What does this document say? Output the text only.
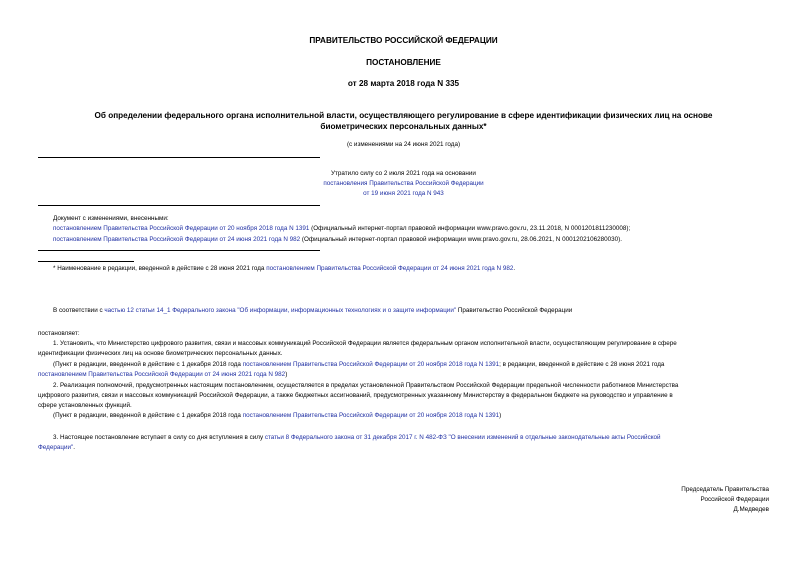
ПРАВИТЕЛЬСТВО РОССИЙСКОЙ ФЕДЕРАЦИИ
ПОСТАНОВЛЕНИЕ
от 28 марта 2018 года N 335
Об определении федерального органа исполнительной власти, осуществляющего регулирование в сфере идентификации физических лиц на основе
биометрических персональных данных*
(с изменениями на 24 июня 2021 года)
Утратило силу со 2 июля 2021 года на основании
постановления Правительства Российской Федерации
от 19 июня 2021 года N 943
Документ с изменениями, внесенными:
постановлением Правительства Российской Федерации от 20 ноября 2018 года N 1391 (Официальный интернет-портал правовой информации www.pravo.gov.ru, 23.11.2018, N 0001201811230008);
постановлением Правительства Российской Федерации от 24 июня 2021 года N 982 (Официальный интернет-портал правовой информации www.pravo.gov.ru, 28.06.2021, N 0001202106280030).
* Наименование в редакции, введенной в действие с 28 июня 2021 года постановлением Правительства Российской Федерации от 24 июня 2021 года N 982.
В соответствии с частью 12 статьи 14_1 Федерального закона "Об информации, информационных технологиях и о защите информации" Правительство Российской Федерации
постановляет:
1. Установить, что Министерство цифрового развития, связи и массовых коммуникаций Российской Федерации является федеральным органом исполнительной власти, осуществляющим регулирование в сфере
идентификации физических лиц на основе биометрических персональных данных.
(Пункт в редакции, введенной в действие с 1 декабря 2018 года постановлением Правительства Российской Федерации от 20 ноября 2018 года N 1391; в редакции, введенной в действие с 28 июня 2021 года
постановлением Правительства Российской Федерации от 24 июня 2021 года N 982)
2. Реализация полномочий, предусмотренных настоящим постановлением, осуществляется в пределах установленной Правительством Российской Федерации предельной численности работников Министерства
цифрового развития, связи и массовых коммуникаций Российской Федерации, а также бюджетных ассигнований, предусмотренных указанному Министерству в федеральном бюджете на руководство и управление в
сфере установленных функций.
(Пункт в редакции, введенной в действие с 1 декабря 2018 года постановлением Правительства Российской Федерации от 20 ноября 2018 года N 1391)
3. Настоящее постановление вступает в силу со дня вступления в силу статьи 8 Федерального закона от 31 декабря 2017 г. N 482-ФЗ "О внесении изменений в отдельные законодательные акты Российской
Федерации".
Председатель Правительства
Российской Федерации
Д.Медведев
